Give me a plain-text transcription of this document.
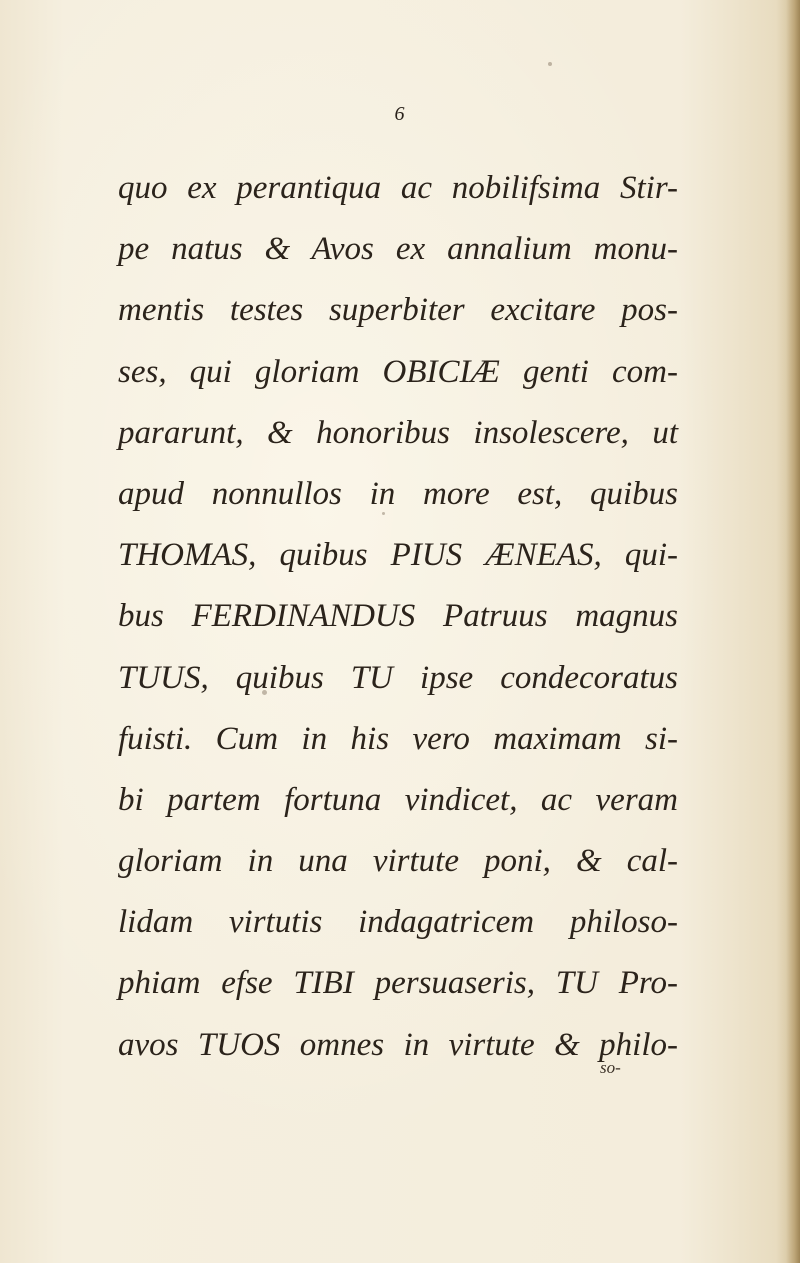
6
quo ex perantiqua ac nobilifsima Stir-
pe natus & Avos ex annalium monu-
mentis testes superbiter excitare pos-
ses, qui gloriam OBICIÆ genti com-
pararunt, & honoribus insolescere, ut
apud nonnullos in more est, quibus
THOMAS, quibus PIUS ÆNEAS, qui-
bus FERDINANDUS Patruus magnus
TUUS, quibus TU ipse condecoratus
fuisti. Cum in his vero maximam si-
bi partem fortuna vindicet, ac veram
gloriam in una virtute poni, & cal-
lidam virtutis indagatricem philoso-
phiam efse TIBI persuaseris, TU Pro-
avos TUOS omnes in virtute & philo-
so-
